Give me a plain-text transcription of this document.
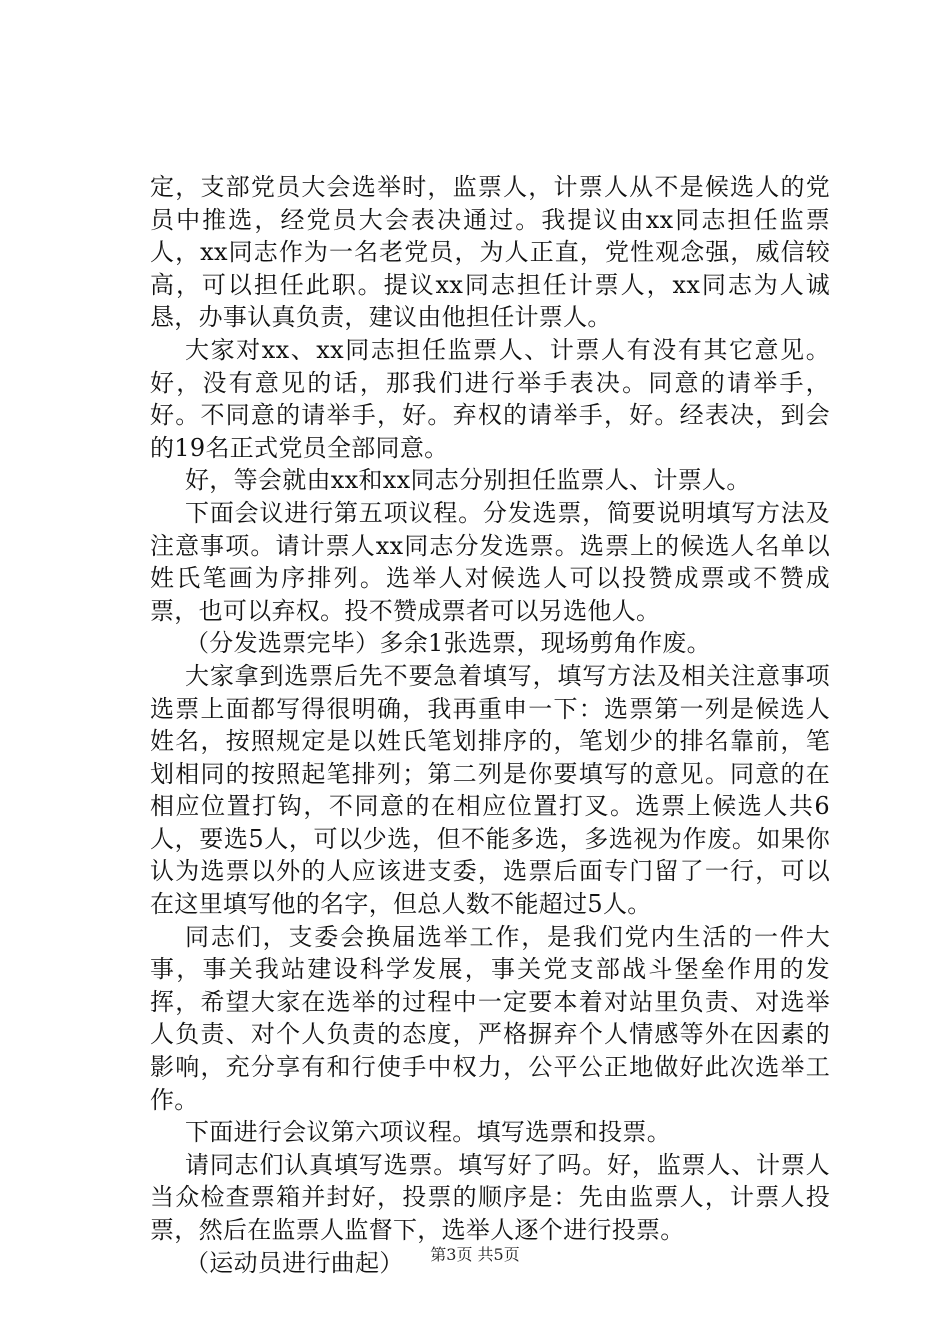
定，支部党员大会选举时，监票人，计票人从不是候选人的党员中推选，经党员大会表决通过。我提议由xx同志担任监票人，xx同志作为一名老党员，为人正直，党性观念强，威信较高，可以担任此职。提议xx同志担任计票人，xx同志为人诚恳，办事认真负责，建议由他担任计票人。

大家对xx、xx同志担任监票人、计票人有没有其它意见。好，没有意见的话，那我们进行举手表决。同意的请举手，好。不同意的请举手，好。弃权的请举手，好。经表决，到会的19名正式党员全部同意。

好，等会就由xx和xx同志分别担任监票人、计票人。

下面会议进行第五项议程。分发选票，简要说明填写方法及注意事项。请计票人xx同志分发选票。选票上的候选人名单以姓氏笔画为序排列。选举人对候选人可以投赞成票或不赞成票，也可以弃权。投不赞成票者可以另选他人。

（分发选票完毕）多余1张选票，现场剪角作废。

大家拿到选票后先不要急着填写，填写方法及相关注意事项选票上面都写得很明确，我再重申一下：选票第一列是候选人姓名，按照规定是以姓氏笔划排序的，笔划少的排名靠前，笔划相同的按照起笔排列；第二列是你要填写的意见。同意的在相应位置打钩，不同意的在相应位置打叉。选票上候选人共6人，要选5人，可以少选，但不能多选，多选视为作废。如果你认为选票以外的人应该进支委，选票后面专门留了一行，可以在这里填写他的名字，但总人数不能超过5人。

同志们，支委会换届选举工作，是我们党内生活的一件大事，事关我站建设科学发展，事关党支部战斗堡垒作用的发挥，希望大家在选举的过程中一定要本着对站里负责、对选举人负责、对个人负责的态度，严格摒弃个人情感等外在因素的影响，充分享有和行使手中权力，公平公正地做好此次选举工作。

下面进行会议第六项议程。填写选票和投票。

请同志们认真填写选票。填写好了吗。好，监票人、计票人当众检查票箱并封好，投票的顺序是：先由监票人，计票人投票，然后在监票人监督下，选举人逐个进行投票。

（运动员进行曲起）	第3页 共5页
